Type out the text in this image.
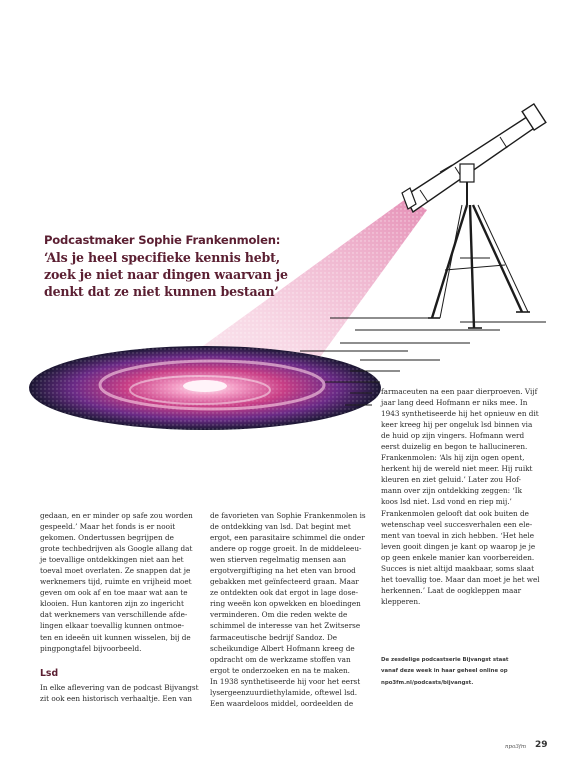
Podcastmaker Sophie Frankenmolen:
‘Als je heel specifieke kennis hebt,
zoek je niet naar dingen waarvan je
denkt dat ze niet kunnen bestaan’
gedaan, en er minder op safe zou worden
gespeeld.’ Maar het fonds is er nooit
gekomen. Ondertussen begrijpen de
grote techbedrijven als Google allang dat
je toevallige ontdekkingen niet aan het
toeval moet overlaten. Ze snappen dat je
werknemers tijd, ruimte en vrijheid moet
geven om ook af en toe maar wat aan te
klooien. Hun kantoren zijn zo ingericht
dat werknemers van verschillende afde-
lingen elkaar toevallig kunnen ontmoe-
ten en ideeën uit kunnen wisselen, bij de
pingpongtafel bijvoorbeeld.
Lsd
In elke aflevering van de podcast Bijvangst
zit ook een historisch verhaaltje. Een van
de favorieten van Sophie Frankenmolen is
de ontdekking van lsd. Dat begint met
ergot, een parasitaire schimmel die onder
andere op rogge groeit. In de middeleeu-
wen stierven regelmatig mensen aan
ergotvergiftiging na het eten van brood
gebakken met geïnfecteerd graan. Maar
ze ontdekten ook dat ergot in lage dose-
ring weeën kon opwekken en bloedingen
verminderen. Om die reden wekte de
schimmel de interesse van het Zwitserse
farmaceutische bedrijf Sandoz. De
scheikundige Albert Hofmann kreeg de
opdracht om de werkzame stoffen van
ergot te onderzoeken en na te maken.
In 1938 synthetiseerde hij voor het eerst
lysergeenzuurdiethylamide, oftewel lsd.
Een waardeloos middel, oordeelden de
farmaceuten na een paar dierproeven. Vijf
jaar lang deed Hofmann er niks mee. In
1943 synthetiseerde hij het opnieuw en dit
keer kreeg hij per ongeluk lsd binnen via
de huid op zijn vingers. Hofmann werd
eerst duizelig en begon te hallucineren.
Frankenmolen: ‘Als hij zijn ogen opent,
herkent hij de wereld niet meer. Hij ruikt
kleuren en ziet geluid.’ Later zou Hof-
mann over zijn ontdekking zeggen: ‘Ik
koos lsd niet. Lsd vond en riep mij.’
Frankenmolen gelooft dat ook buiten de
wetenschap veel succesverhalen een ele-
ment van toeval in zich hebben. ‘Het hele
leven gooit dingen je kant op waarop je je
op geen enkele manier kan voorbereiden.
Succes is niet altijd maakbaar, soms slaat
het toevallig toe. Maar dan moet je het wel
herkennen.’ Laat de oogkleppen maar
klepperen.
De zesdelige podcastserie Bijvangst staat
vanaf deze week in haar geheel online op
npo3fm.nl/podcasts/bijvangst.
npo3fm 29
